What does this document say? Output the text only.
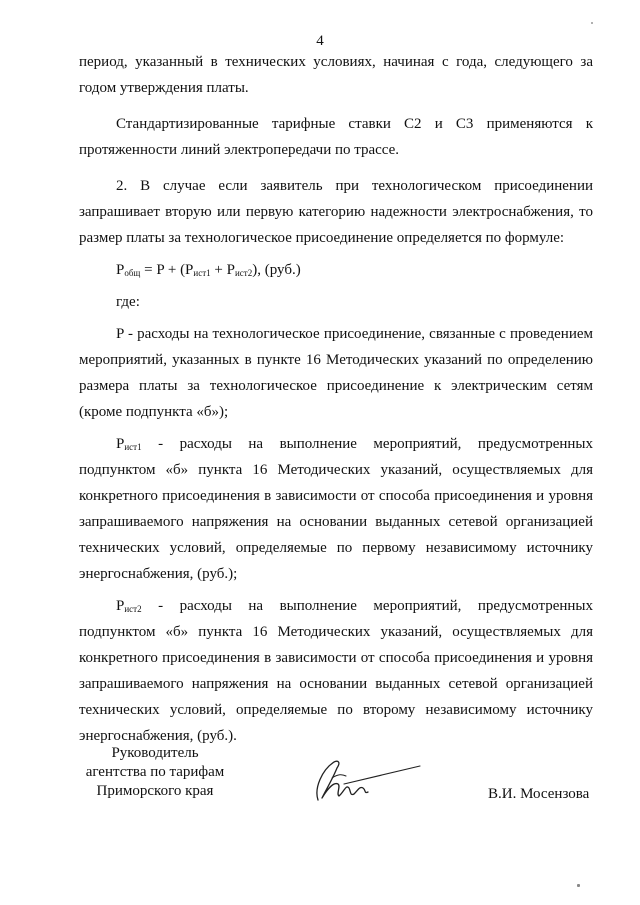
4

период, указанный в технических условиях, начиная с года, следующего за годом утверждения платы.

Стандартизированные тарифные ставки С2 и С3 применяются к протяженности линий электропередачи по трассе.

2. В случае если заявитель при технологическом присоединении запрашивает вторую или первую категорию надежности электроснабжения, то размер платы за технологическое присоединение определяется по формуле:

$P_{общ} = P + (P_{ист1} + P_{ист2})$, (руб.)

где:

P - расходы на технологическое присоединение, связанные с проведением мероприятий, указанных в пункте 16 Методических указаний по определению размера платы за технологическое присоединение к электрическим сетям (кроме подпункта «б»);

$P_{ист1}$ - расходы на выполнение мероприятий, предусмотренных подпунктом «б» пункта 16 Методических указаний, осуществляемых для конкретного присоединения в зависимости от способа присоединения и уровня запрашиваемого напряжения на основании выданных сетевой организацией технических условий, определяемые по первому независимому источнику энергоснабжения, (руб.);

$P_{ист2}$ - расходы на выполнение мероприятий, предусмотренных подпунктом «б» пункта 16 Методических указаний, осуществляемых для конкретного присоединения в зависимости от способа присоединения и уровня запрашиваемого напряжения на основании выданных сетевой организацией технических условий, определяемые по второму независимому источнику энергоснабжения, (руб.).

Руководитель
агентства по тарифам
Приморского края	В.И. Мосензова
